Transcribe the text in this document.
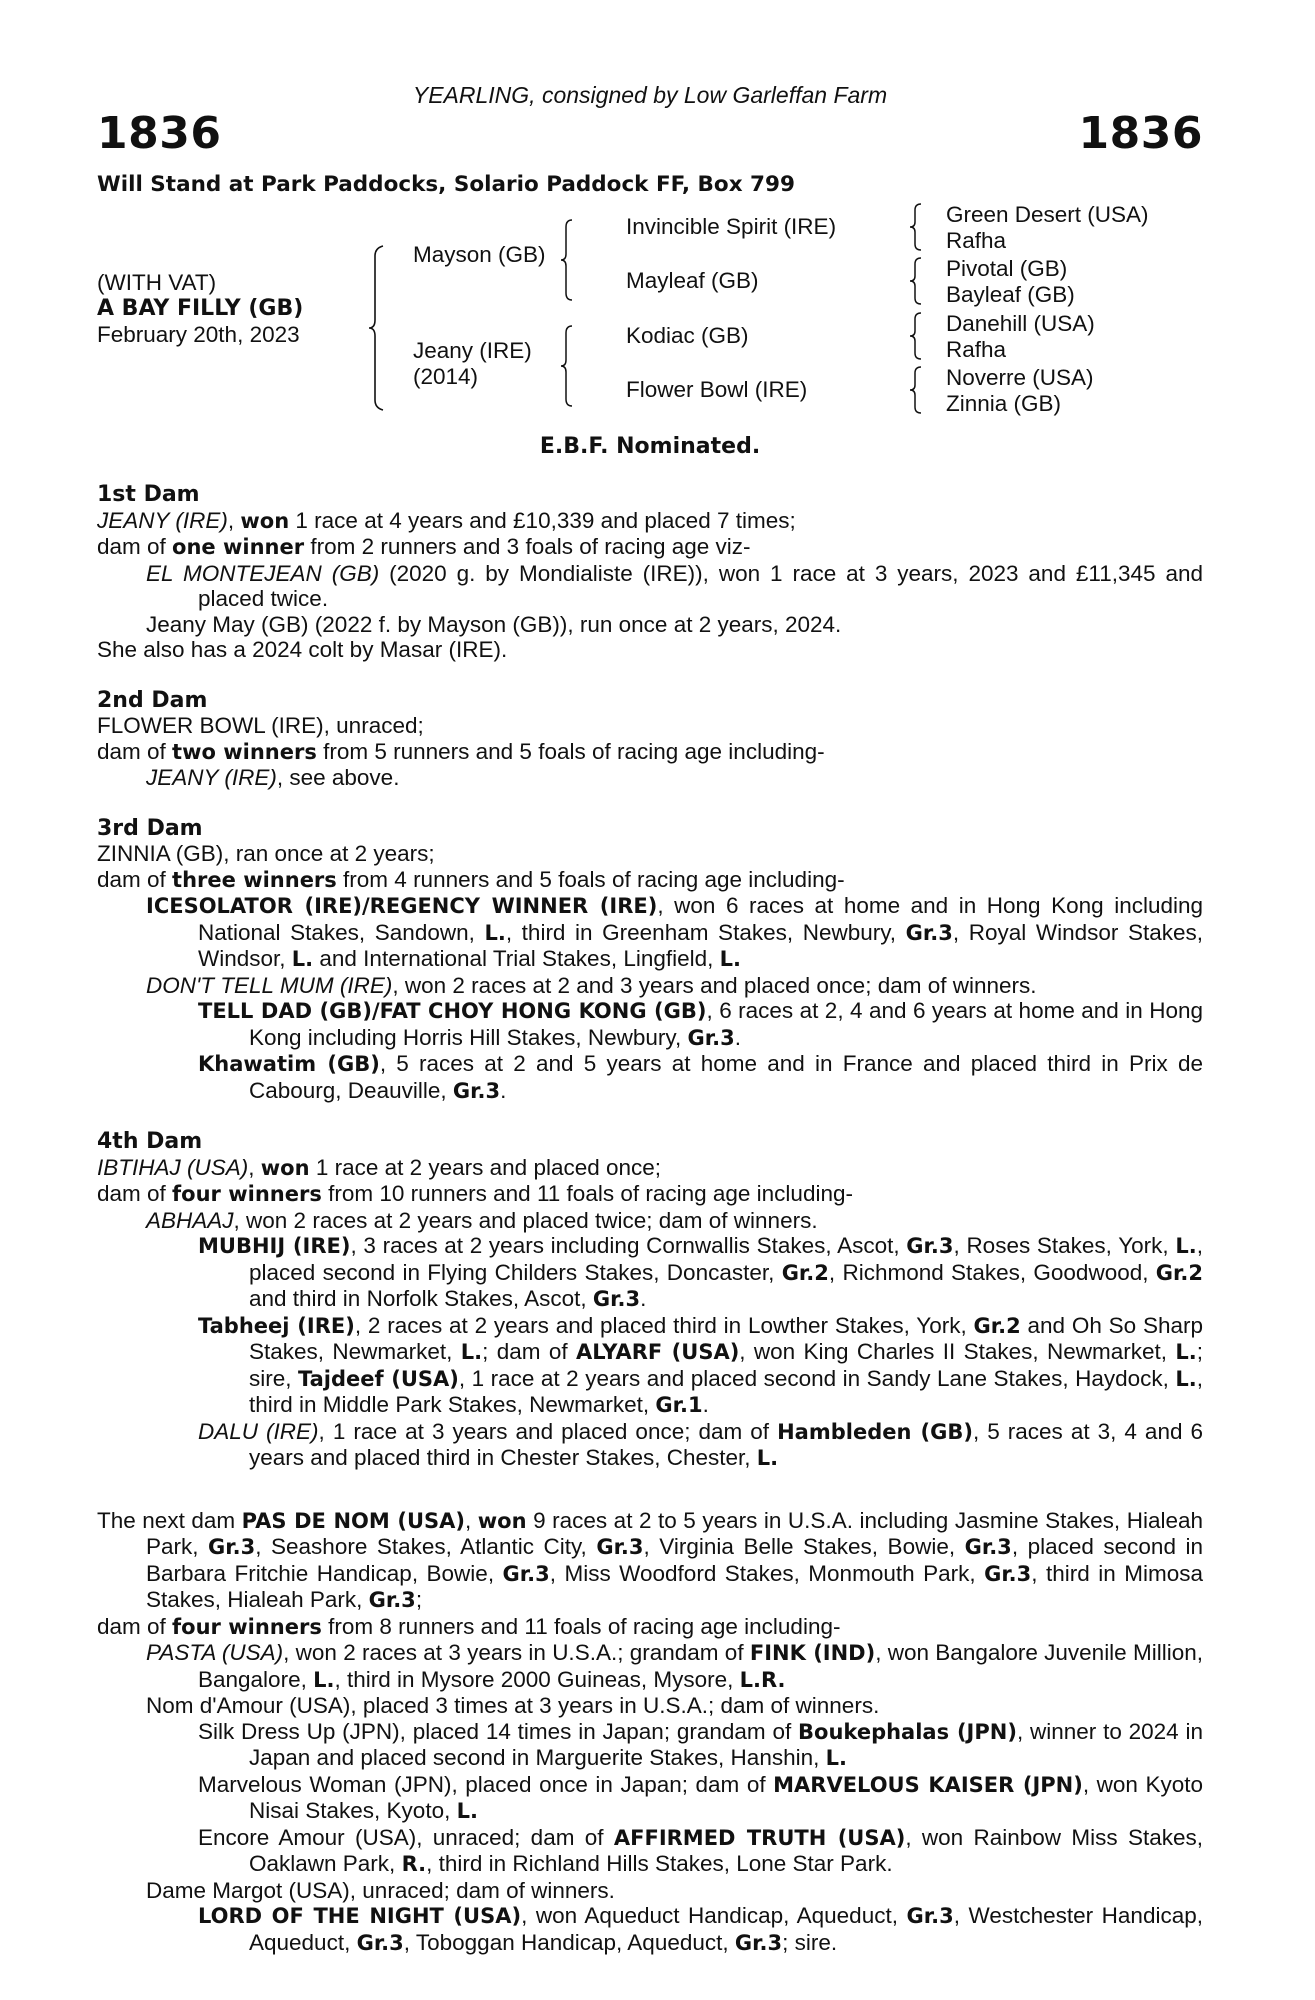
YEARLING, consigned by Low Garleffan Farm
1836	1836
Will Stand at Park Paddocks, Solario Paddock FF, Box 799
(WITH VAT)
A BAY FILLY (GB)
February 20th, 2023
Mayson (GB)
Jeany (IRE)
(2014)
Invincible Spirit (IRE)
Mayleaf (GB)
Kodiac (GB)
Flower Bowl (IRE)
Green Desert (USA)
Rafha
Pivotal (GB)
Bayleaf (GB)
Danehill (USA)
Rafha
Noverre (USA)
Zinnia (GB)
E.B.F. Nominated.
1st Dam
JEANY (IRE), won 1 race at 4 years and £10,339 and placed 7 times;
dam of one winner from 2 runners and 3 foals of racing age viz-
EL MONTEJEAN (GB) (2020 g. by Mondialiste (IRE)), won 1 race at 3 years, 2023 and £11,345 and placed twice.
Jeany May (GB) (2022 f. by Mayson (GB)), run once at 2 years, 2024.
She also has a 2024 colt by Masar (IRE).
2nd Dam
FLOWER BOWL (IRE), unraced;
dam of two winners from 5 runners and 5 foals of racing age including-
JEANY (IRE), see above.
3rd Dam
ZINNIA (GB), ran once at 2 years;
dam of three winners from 4 runners and 5 foals of racing age including-
ICESOLATOR (IRE)/REGENCY WINNER (IRE), won 6 races at home and in Hong Kong including National Stakes, Sandown, L., third in Greenham Stakes, Newbury, Gr.3, Royal Windsor Stakes, Windsor, L. and International Trial Stakes, Lingfield, L.
DON'T TELL MUM (IRE), won 2 races at 2 and 3 years and placed once; dam of winners.
TELL DAD (GB)/FAT CHOY HONG KONG (GB), 6 races at 2, 4 and 6 years at home and in Hong Kong including Horris Hill Stakes, Newbury, Gr.3.
Khawatim (GB), 5 races at 2 and 5 years at home and in France and placed third in Prix de Cabourg, Deauville, Gr.3.
4th Dam
IBTIHAJ (USA), won 1 race at 2 years and placed once;
dam of four winners from 10 runners and 11 foals of racing age including-
ABHAAJ, won 2 races at 2 years and placed twice; dam of winners.
MUBHIJ (IRE), 3 races at 2 years including Cornwallis Stakes, Ascot, Gr.3, Roses Stakes, York, L., placed second in Flying Childers Stakes, Doncaster, Gr.2, Richmond Stakes, Goodwood, Gr.2 and third in Norfolk Stakes, Ascot, Gr.3.
Tabheej (IRE), 2 races at 2 years and placed third in Lowther Stakes, York, Gr.2 and Oh So Sharp Stakes, Newmarket, L.; dam of ALYARF (USA), won King Charles II Stakes, Newmarket, L.; sire, Tajdeef (USA), 1 race at 2 years and placed second in Sandy Lane Stakes, Haydock, L., third in Middle Park Stakes, Newmarket, Gr.1.
DALU (IRE), 1 race at 3 years and placed once; dam of Hambleden (GB), 5 races at 3, 4 and 6 years and placed third in Chester Stakes, Chester, L.
The next dam PAS DE NOM (USA), won 9 races at 2 to 5 years in U.S.A. including Jasmine Stakes, Hialeah Park, Gr.3, Seashore Stakes, Atlantic City, Gr.3, Virginia Belle Stakes, Bowie, Gr.3, placed second in Barbara Fritchie Handicap, Bowie, Gr.3, Miss Woodford Stakes, Monmouth Park, Gr.3, third in Mimosa Stakes, Hialeah Park, Gr.3;
dam of four winners from 8 runners and 11 foals of racing age including-
PASTA (USA), won 2 races at 3 years in U.S.A.; grandam of FINK (IND), won Bangalore Juvenile Million, Bangalore, L., third in Mysore 2000 Guineas, Mysore, L.R.
Nom d'Amour (USA), placed 3 times at 3 years in U.S.A.; dam of winners.
Silk Dress Up (JPN), placed 14 times in Japan; grandam of Boukephalas (JPN), winner to 2024 in Japan and placed second in Marguerite Stakes, Hanshin, L.
Marvelous Woman (JPN), placed once in Japan; dam of MARVELOUS KAISER (JPN), won Kyoto Nisai Stakes, Kyoto, L.
Encore Amour (USA), unraced; dam of AFFIRMED TRUTH (USA), won Rainbow Miss Stakes, Oaklawn Park, R., third in Richland Hills Stakes, Lone Star Park.
Dame Margot (USA), unraced; dam of winners.
LORD OF THE NIGHT (USA), won Aqueduct Handicap, Aqueduct, Gr.3, Westchester Handicap, Aqueduct, Gr.3, Toboggan Handicap, Aqueduct, Gr.3; sire.
